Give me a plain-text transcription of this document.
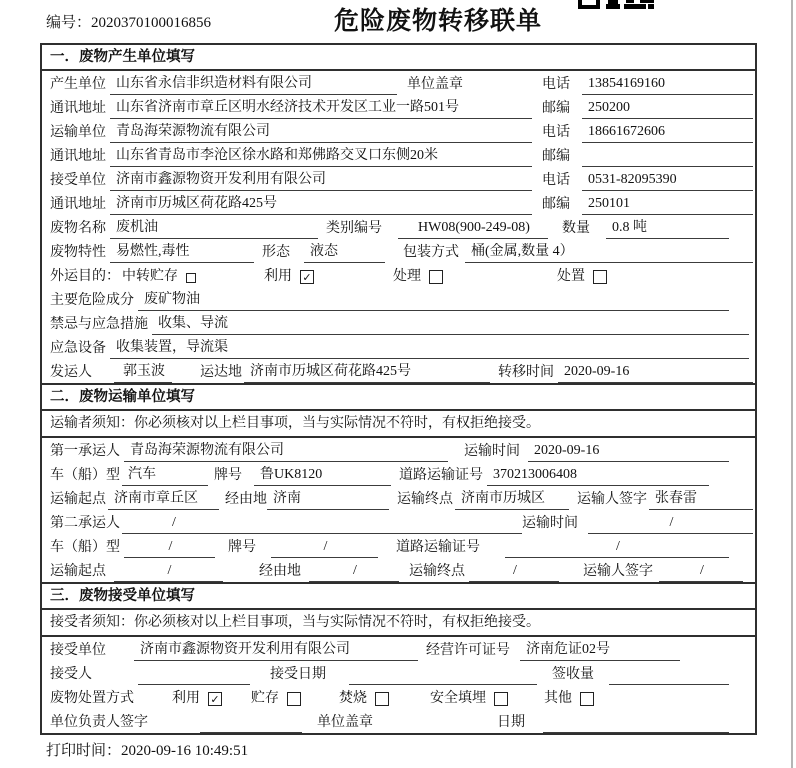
编号：2020370100016856	危险废物转移联单
一．废物产生单位填写
产生单位 山东省永信非织造材料有限公司	单位盖章	电话	13854169160
通讯地址 山东省济南市章丘区明水经济技术开发区工业一路501号	邮编	250200
运输单位 青岛海荣源物流有限公司	电话	18661672606
通讯地址 山东省青岛市李沧区徐水路和郑佛路交叉口东侧20米	邮编
接受单位 济南市鑫源物资开发利用有限公司	电话	0531-82095390
通讯地址 济南市历城区荷花路425号	邮编	250101
废物名称 废机油	类别编号	HW08(900-249-08)	数量	0.8 吨
废物特性 易燃性,毒性	形态	液态	包装方式 桶(金属,数量 4）
外运目的： 中转贮存	利用 ✓	处理	处置
主要危险成分 废矿物油
禁忌与应急措施 收集、导流
应急设备 收集装置，导流渠
发运人	郭玉波	运达地 济南市历城区荷花路425号	转移时间 2020-09-16
二．废物运输单位填写
运输者须知：你必须核对以上栏目事项，当与实际情况不符时，有权拒绝接受。
第一承运人 青岛海荣源物流有限公司	运输时间	2020-09-16
车（船）型 汽车	牌号	鲁UK8120	道路运输证号 370213006408
运输起点 济南市章丘区	经由地 济南	运输终点 济南市历城区	运输人签字 张春雷
第二承运人	/	运输时间	/
车（船）型	/	牌号	/	道路运输证号	/
运输起点	/	经由地	/	运输终点	/	运输人签字	/
三．废物接受单位填写
接受者须知：你必须核对以上栏目事项，当与实际情况不符时，有权拒绝接受。
接受单位	济南市鑫源物资开发利用有限公司	经营许可证号	济南危证02号
接受人	接受日期	签收量
废物处置方式	利用 ✓ 贮存	焚烧	安全填埋	其他
单位负责人签字	单位盖章	日期
打印时间：2020-09-16 10:49:51
